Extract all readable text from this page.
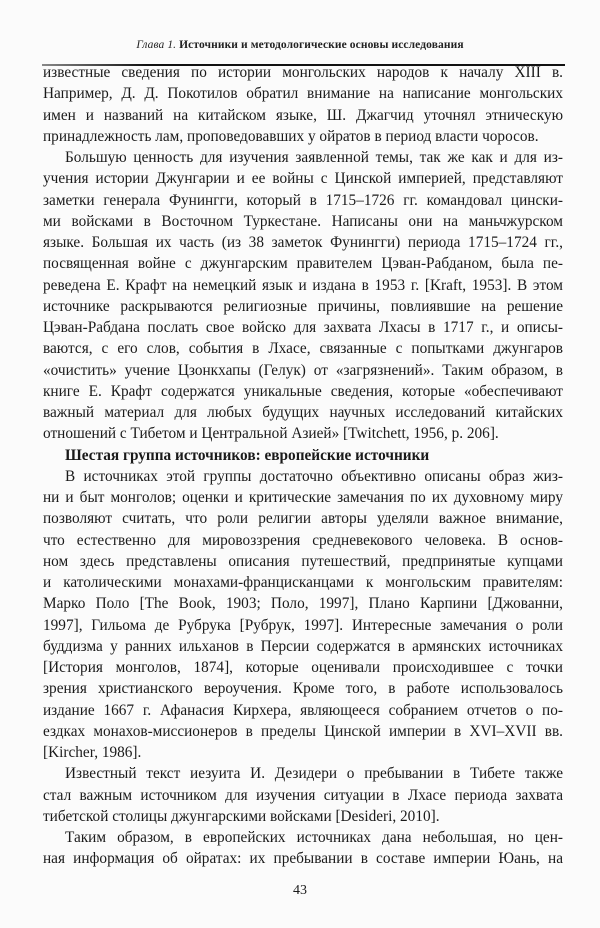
Глава 1. Источники и методологические основы исследования
известные сведения по истории монгольских народов к началу XIII в.
Например, Д. Д. Покотилов обратил внимание на написание монгольских
имен и названий на китайском языке, Ш. Джагчид уточнял этническую
принадлежность лам, проповедовавших у ойратов в период власти чоросов.
Большую ценность для изучения заявленной темы, так же как и для из-
учения истории Джунгарии и ее войны с Цинской империей, представляют
заметки генерала Фунингги, который в 1715–1726 гг. командовал цински-
ми войсками в Восточном Туркестане. Написаны они на маньчжурском
языке. Большая их часть (из 38 заметок Фунингги) периода 1715–1724 гг.,
посвященная войне с джунгарским правителем Цэван-Рабданом, была пе-
реведена Е. Крафт на немецкий язык и издана в 1953 г. [Kraft, 1953]. В этом
источнике раскрываются религиозные причины, повлиявшие на решение
Цэван-Рабдана послать свое войско для захвата Лхасы в 1717 г., и описы-
ваются, с его слов, события в Лхасе, связанные с попытками джунгаров
«очистить» учение Цзонкхапы (Гелук) от «загрязнений». Таким образом, в
книге Е. Крафт содержатся уникальные сведения, которые «обеспечивают
важный материал для любых будущих научных исследований китайских
отношений с Тибетом и Центральной Азией» [Twitchett, 1956, p. 206].
Шестая группа источников: европейские источники
В источниках этой группы достаточно объективно описаны образ жиз-
ни и быт монголов; оценки и критические замечания по их духовному миру
позволяют считать, что роли религии авторы уделяли важное внимание,
что естественно для мировоззрения средневекового человека. В основ-
ном здесь представлены описания путешествий, предпринятые купцами
и католическими монахами-францисканцами к монгольским правителям:
Марко Поло [The Book, 1903; Поло, 1997], Плано Карпини [Джованни,
1997], Гильома де Рубрука [Рубрук, 1997]. Интересные замечания о роли
буддизма у ранних ильханов в Персии содержатся в армянских источниках
[История монголов, 1874], которые оценивали происходившее с точки
зрения христианского вероучения. Кроме того, в работе использовалось
издание 1667 г. Афанасия Кирхера, являющееся собранием отчетов о по-
ездках монахов-миссионеров в пределы Цинской империи в XVI–XVII вв.
[Kircher, 1986].
Известный текст иезуита И. Дезидери о пребывании в Тибете также
стал важным источником для изучения ситуации в Лхасе периода захвата
тибетской столицы джунгарскими войсками [Desideri, 2010].
Таким образом, в европейских источниках дана небольшая, но цен-
ная информация об ойратах: их пребывании в составе империи Юань, на
43
